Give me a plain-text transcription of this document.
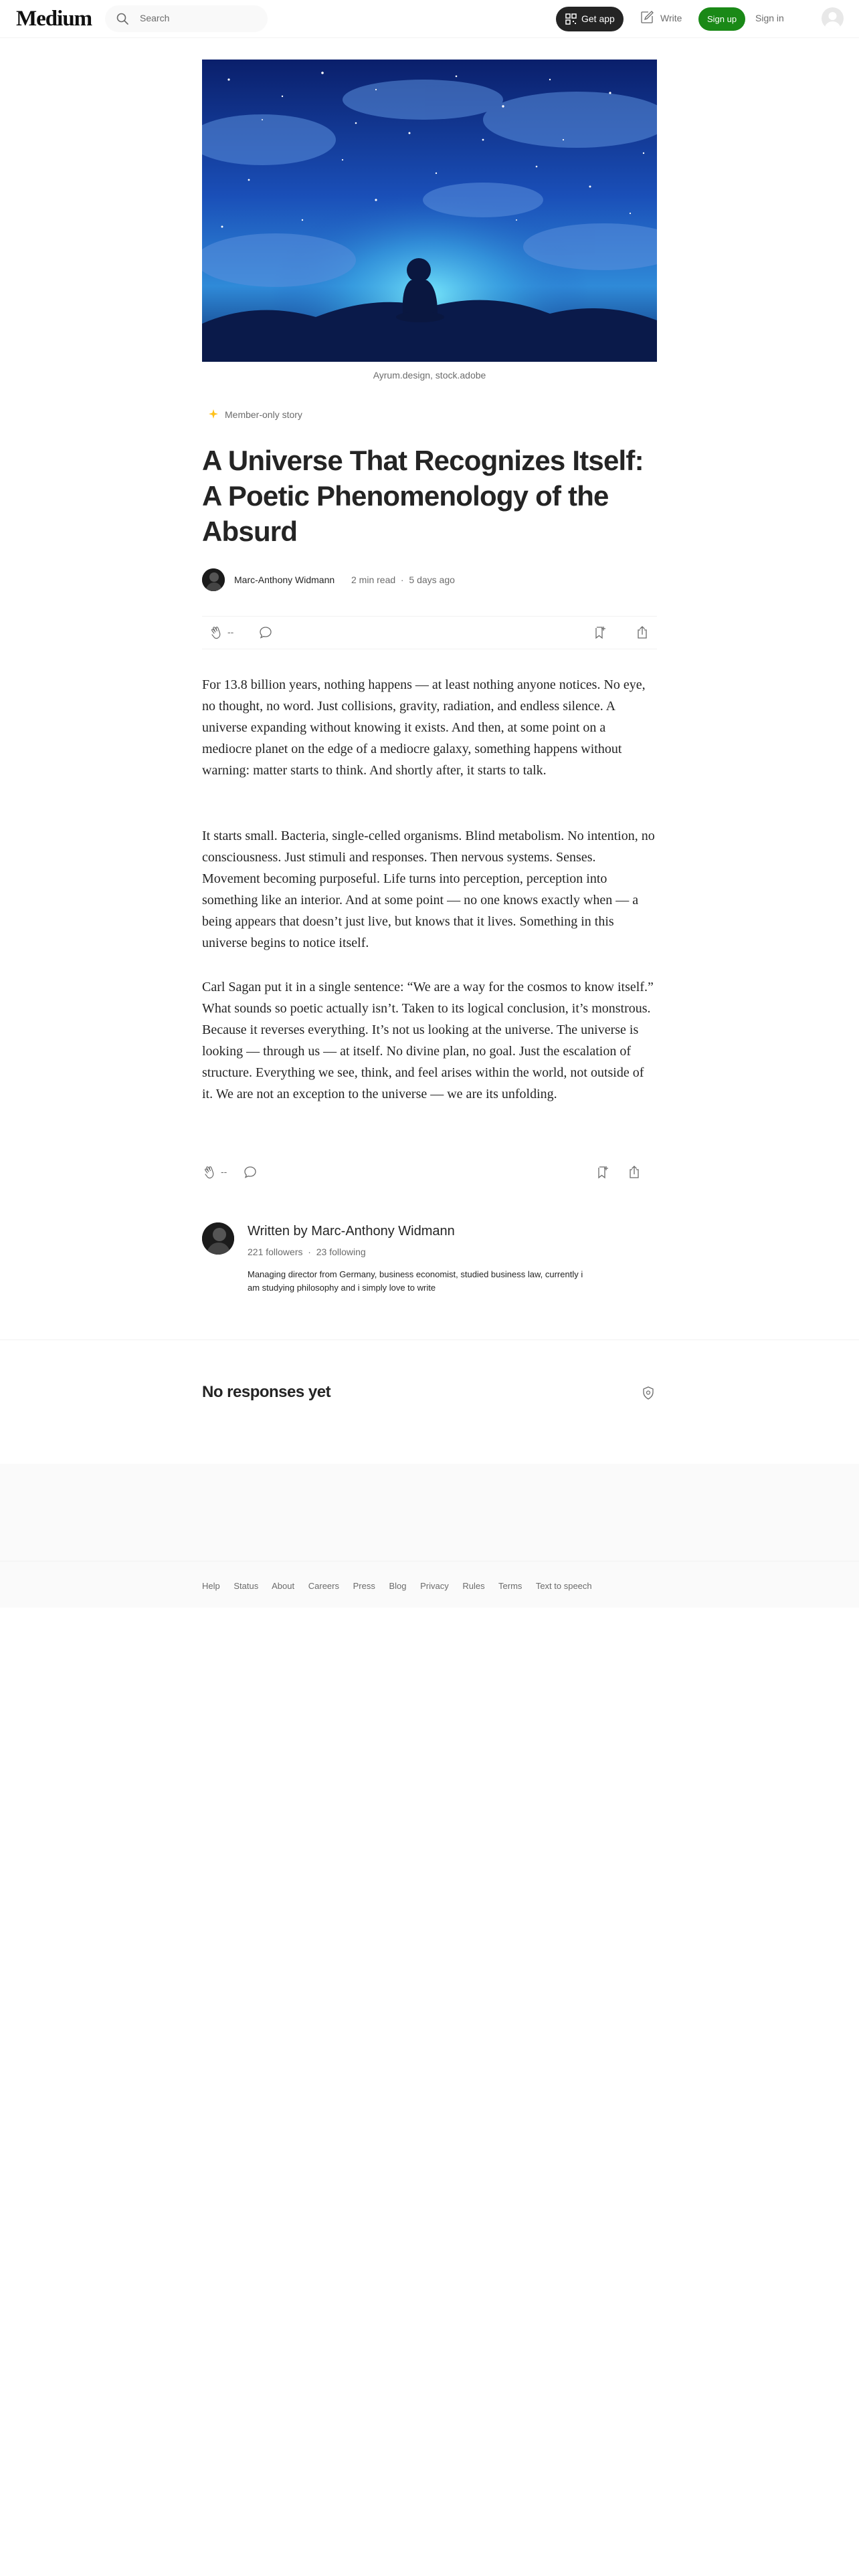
Medium	Search	Get app	Write	Sign up	Sign in
Ayrum.design, stock.adobe
Member-only story
A Universe That Recognizes Itself: A Poetic Phenomenology of the Absurd
Marc-Anthony Widmann 2 min read  ·  5 days ago
--

For 13.8 billion years, nothing happens — at least nothing anyone notices. No eye, no thought, no word. Just collisions, gravity, radiation, and endless silence. A universe expanding without knowing it exists. And then, at some point on a mediocre planet on the edge of a mediocre galaxy, something happens without warning: matter starts to think. And shortly after, it starts to talk.

It starts small. Bacteria, single-celled organisms. Blind metabolism. No intention, no consciousness. Just stimuli and responses. Then nervous systems. Senses. Movement becoming purposeful. Life turns into perception, perception into something like an interior. And at some point — no one knows exactly when — a being appears that doesn’t just live, but knows that it lives. Something in this universe begins to notice itself.

Carl Sagan put it in a single sentence: “We are a way for the cosmos to know itself.” What sounds so poetic actually isn’t. Taken to its logical conclusion, it’s monstrous. Because it reverses everything. It’s not us looking at the universe. The universe is looking — through us — at itself. No divine plan, no goal. Just the escalation of structure. Everything we see, think, and feel arises within the world, not outside of it. We are not an exception to the universe — we are its unfolding.

--
Written by Marc-Anthony Widmann
221 followers  ·  23 following
Managing director from Germany, business economist, studied business law, currently i am studying philosophy and i simply love to write
No responses yet
Help Status About Careers Press Blog Privacy Rules Terms Text to speech
